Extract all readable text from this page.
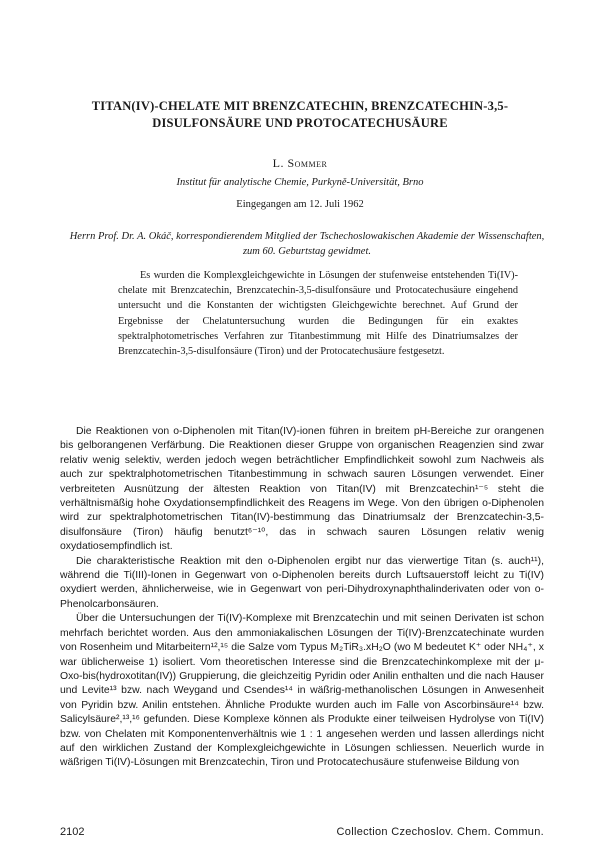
TITAN(IV)-CHELATE MIT BRENZCATECHIN, BRENZCATECHIN-3,5-DISULFONSÄURE UND PROTOCATECHUSÄURE
L. Sommer
Institut für analytische Chemie, Purkyně-Universität, Brno
Eingegangen am 12. Juli 1962
Herrn Prof. Dr. A. Okáč, korrespondierendem Mitglied der Tschechoslowakischen Akademie der Wissenschaften, zum 60. Geburtstag gewidmet.
Es wurden die Komplexgleichgewichte in Lösungen der stufenweise entstehenden Ti(IV)-chelate mit Brenzcatechin, Brenzcatechin-3,5-disulfonsäure und Protocatechusäure eingehend untersucht und die Konstanten der wichtigsten Gleichgewichte berechnet. Auf Grund der Ergebnisse der Chelatuntersuchung wurden die Bedingungen für ein exaktes spektralphotometrisches Verfahren zur Titanbestimmung mit Hilfe des Dinatriumsalzes der Brenzcatechin-3,5-disulfonsäure (Tiron) und der Protocatechusäure festgesetzt.

Die Reaktionen von o-Diphenolen mit Titan(IV)-ionen führen in breitem pH-Bereiche zur orangenen bis gelborangenen Verfärbung. Die Reaktionen dieser Gruppe von organischen Reagenzien sind zwar relativ wenig selektiv, werden jedoch wegen beträchtlicher Empfindlichkeit sowohl zum Nachweis als auch zur spektralphotometrischen Titanbestimmung in schwach sauren Lösungen verwendet. Einer verbreiteten Ausnützung der ältesten Reaktion von Titan(IV) mit Brenzcatechin¹⁻⁵ steht die verhältnismäßig hohe Oxydationsempfindlichkeit des Reagens im Wege. Von den übrigen o-Diphenolen wird zur spektralphotometrischen Titan(IV)-bestimmung das Dinatriumsalz der Brenzcatechin-3,5-disulfonsäure (Tiron) häufig benutzt⁶⁻¹⁰, das in schwach sauren Lösungen relativ wenig oxydatiosempfindlich ist.

Die charakteristische Reaktion mit den o-Diphenolen ergibt nur das vierwertige Titan (s. auch¹¹), während die Ti(III)-Ionen in Gegenwart von o-Diphenolen bereits durch Luftsauerstoff leicht zu Ti(IV) oxydiert werden, ähnlicherweise, wie in Gegenwart von peri-Dihydroxynaphthalinderivaten oder von o-Phenolcarbonsäuren.

Über die Untersuchungen der Ti(IV)-Komplexe mit Brenzcatechin und mit seinen Derivaten ist schon mehrfach berichtet worden. Aus den ammoniakalischen Lösungen der Ti(IV)-Brenzcatechinate wurden von Rosenheim und Mitarbeitern¹²,¹⁵ die Salze vom Typus M₂TiR₃.xH₂O (wo M bedeutet K⁺ oder NH₄⁺, x war üblicherweise 1) isoliert. Vom theoretischen Interesse sind die Brenzcatechinkomplexe mit der μ-Oxo-bis(hydroxotitan(IV)) Gruppierung, die gleichzeitig Pyridin oder Anilin enthalten und die nach Hauser und Levite¹³ bzw. nach Weygand und Csendes¹⁴ in wäßrig-methanolischen Lösungen in Anwesenheit von Pyridin bzw. Anilin entstehen. Ähnliche Produkte wurden auch im Falle von Ascorbinsäure¹⁴ bzw. Salicylsäure²,¹³,¹⁶ gefunden. Diese Komplexe können als Produkte einer teilweisen Hydrolyse von Ti(IV) bzw. von Chelaten mit Komponentenverhältnis wie 1 : 1 angesehen werden und lassen allerdings nicht auf den wirklichen Zustand der Komplexgleichgewichte in Lösungen schliessen. Neuerlich wurde in wäßrigen Ti(IV)-Lösungen mit Brenzcatechin, Tiron und Protocatechusäure stufenweise Bildung von

2102	Collection Czechoslov. Chem. Commun.
